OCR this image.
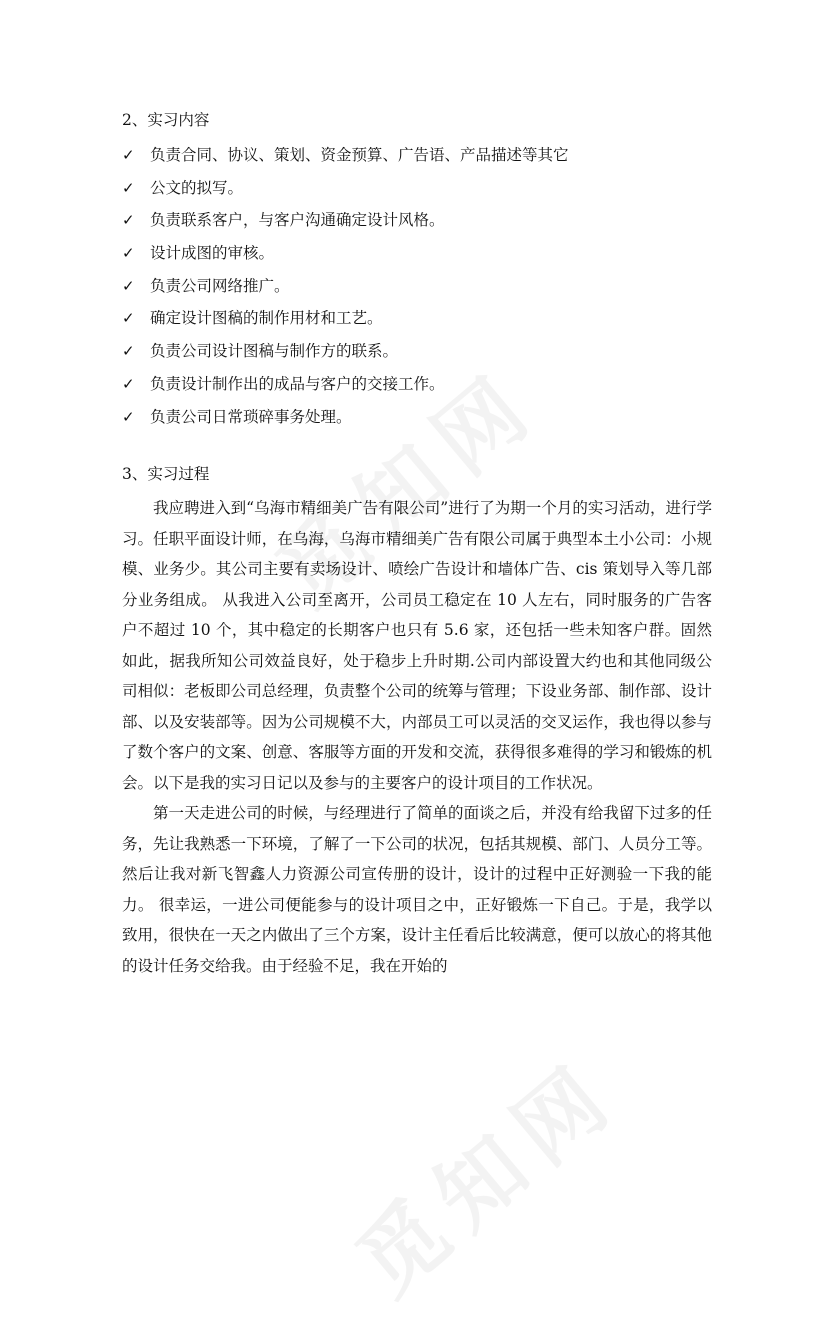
2、实习内容

✓ 负责合同、协议、策划、资金预算、广告语、产品描述等其它
✓ 公文的拟写。
✓ 负责联系客户，与客户沟通确定设计风格。
✓ 设计成图的审核。
✓ 负责公司网络推广。
✓ 确定设计图稿的制作用材和工艺。
✓ 负责公司设计图稿与制作方的联系。
✓ 负责设计制作出的成品与客户的交接工作。
✓ 负责公司日常琐碎事务处理。

3、实习过程

我应聘进入到“乌海市精细美广告有限公司”进行了为期一个月的实习活动，进行学习。任职平面设计师，在乌海，乌海市精细美广告有限公司属于典型本土小公司：小规模、业务少。其公司主要有卖场设计、喷绘广告设计和墙体广告、cis 策划导入等几部分业务组成。 从我进入公司至离开，公司员工稳定在 10 人左右，同时服务的广告客户不超过 10 个，其中稳定的长期客户也只有 5.6 家，还包括一些未知客户群。固然如此，据我所知公司效益良好，处于稳步上升时期.公司内部设置大约也和其他同级公司相似：老板即公司总经理，负责整个公司的统筹与管理；下设业务部、制作部、设计部、以及安装部等。因为公司规模不大，内部员工可以灵活的交叉运作，我也得以参与了数个客户的文案、创意、客服等方面的开发和交流，获得很多难得的学习和锻炼的机会。以下是我的实习日记以及参与的主要客户的设计项目的工作状况。

第一天走进公司的时候，与经理进行了简单的面谈之后，并没有给我留下过多的任务，先让我熟悉一下环境，了解了一下公司的状况，包括其规模、部门、人员分工等。然后让我对新飞智鑫人力资源公司宣传册的设计，设计的过程中正好测验一下我的能力。 很幸运，一进公司便能参与的设计项目之中，正好锻炼一下自己。于是，我学以致用，很快在一天之内做出了三个方案，设计主任看后比较满意，便可以放心的将其他的设计任务交给我。由于经验不足，我在开始的
